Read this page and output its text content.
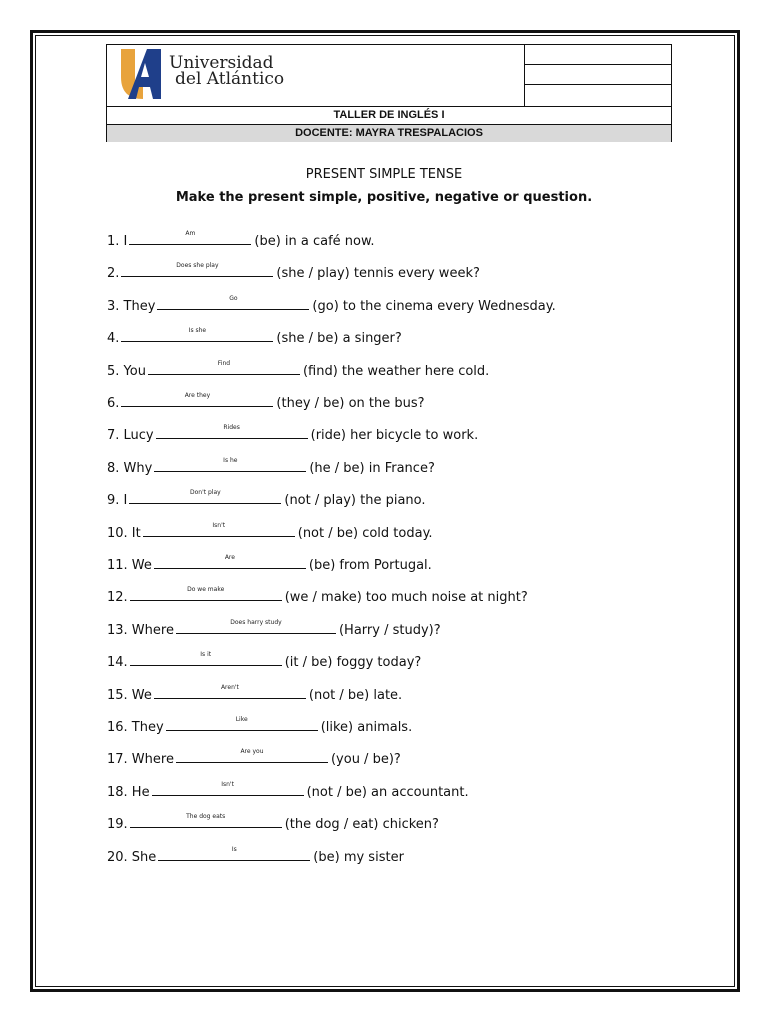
Universidad
del Atlántico
TALLER DE INGLÉS I
DOCENTE: MAYRA TRESPALACIOS
PRESENT SIMPLE TENSE
Make the present simple, positive, negative or question.
1. I
Am
(be) in a café now.
2.
Does she play
(she / play) tennis every week?
3. They
Go
(go) to the cinema every Wednesday.
4.
Is she
(she / be) a singer?
5. You
Find
(find) the weather here cold.
6.
Are they
(they / be) on the bus?
7. Lucy
Rides
(ride) her bicycle to work.
8. Why
Is he
(he / be) in France?
9. I
Don't play
(not / play) the piano.
10. It
Isn't
(not / be) cold today.
11. We
Are
(be) from Portugal.
12.
Do we make
(we / make) too much noise at night?
13. Where
Does harry study
(Harry / study)?
14.
Is it
(it / be) foggy today?
15. We
Aren't
(not / be) late.
16. They
Like
(like) animals.
17. Where
Are you
(you / be)?
18. He
Isn't
(not / be) an accountant.
19.
The dog eats
(the dog / eat) chicken?
20. She
Is
(be) my sister
